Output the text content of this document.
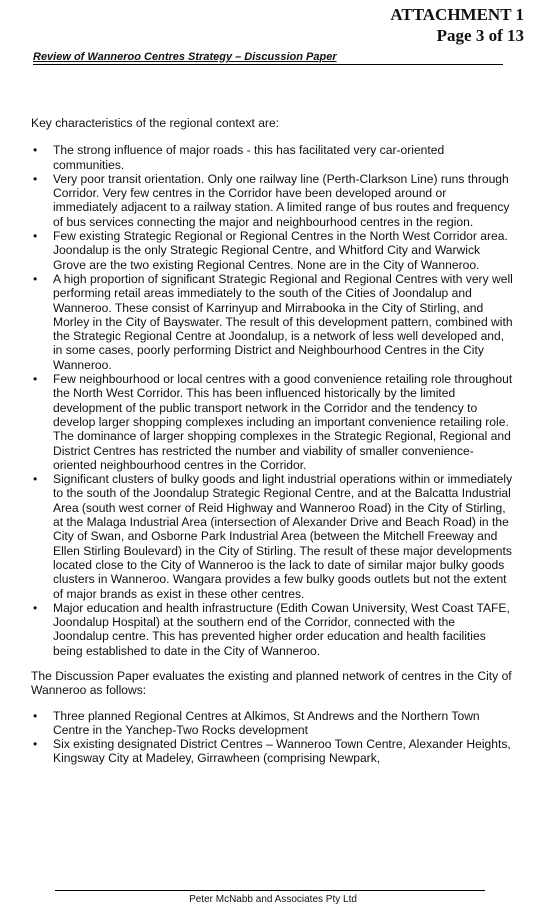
ATTACHMENT 1
Page 3 of 13
Review of Wanneroo Centres Strategy – Discussion Paper

Key characteristics of the regional context are:

• The strong influence of major roads - this has facilitated very car-oriented communities.
• Very poor transit orientation. Only one railway line (Perth-Clarkson Line) runs through Corridor. Very few centres in the Corridor have been developed around or immediately adjacent to a railway station. A limited range of bus routes and frequency of bus services connecting the major and neighbourhood centres in the region.
• Few existing Strategic Regional or Regional Centres in the North West Corridor area. Joondalup is the only Strategic Regional Centre, and Whitford City and Warwick Grove are the two existing Regional Centres. None are in the City of Wanneroo.
• A high proportion of significant Strategic Regional and Regional Centres with very well performing retail areas immediately to the south of the Cities of Joondalup and Wanneroo. These consist of Karrinyup and Mirrabooka in the City of Stirling, and Morley in the City of Bayswater. The result of this development pattern, combined with the Strategic Regional Centre at Joondalup, is a network of less well developed and, in some cases, poorly performing District and Neighbourhood Centres in the City Wanneroo.
• Few neighbourhood or local centres with a good convenience retailing role throughout the North West Corridor. This has been influenced historically by the limited development of the public transport network in the Corridor and the tendency to develop larger shopping complexes including an important convenience retailing role. The dominance of larger shopping complexes in the Strategic Regional, Regional and District Centres has restricted the number and viability of smaller convenience-oriented neighbourhood centres in the Corridor.
• Significant clusters of bulky goods and light industrial operations within or immediately to the south of the Joondalup Strategic Regional Centre, and at the Balcatta Industrial Area (south west corner of Reid Highway and Wanneroo Road) in the City of Stirling, at the Malaga Industrial Area (intersection of Alexander Drive and Beach Road) in the City of Swan, and Osborne Park Industrial Area (between the Mitchell Freeway and Ellen Stirling Boulevard) in the City of Stirling. The result of these major developments located close to the City of Wanneroo is the lack to date of similar major bulky goods clusters in Wanneroo. Wangara provides a few bulky goods outlets but not the extent of major brands as exist in these other centres.
• Major education and health infrastructure (Edith Cowan University, West Coast TAFE, Joondalup Hospital) at the southern end of the Corridor, connected with the Joondalup centre. This has prevented higher order education and health facilities being established to date in the City of Wanneroo.

The Discussion Paper evaluates the existing and planned network of centres in the City of Wanneroo as follows:

• Three planned Regional Centres at Alkimos, St Andrews and the Northern Town Centre in the Yanchep-Two Rocks development
• Six existing designated District Centres – Wanneroo Town Centre, Alexander Heights, Kingsway City at Madeley, Girrawheen (comprising Newpark,
Peter McNabb and Associates Pty Ltd
